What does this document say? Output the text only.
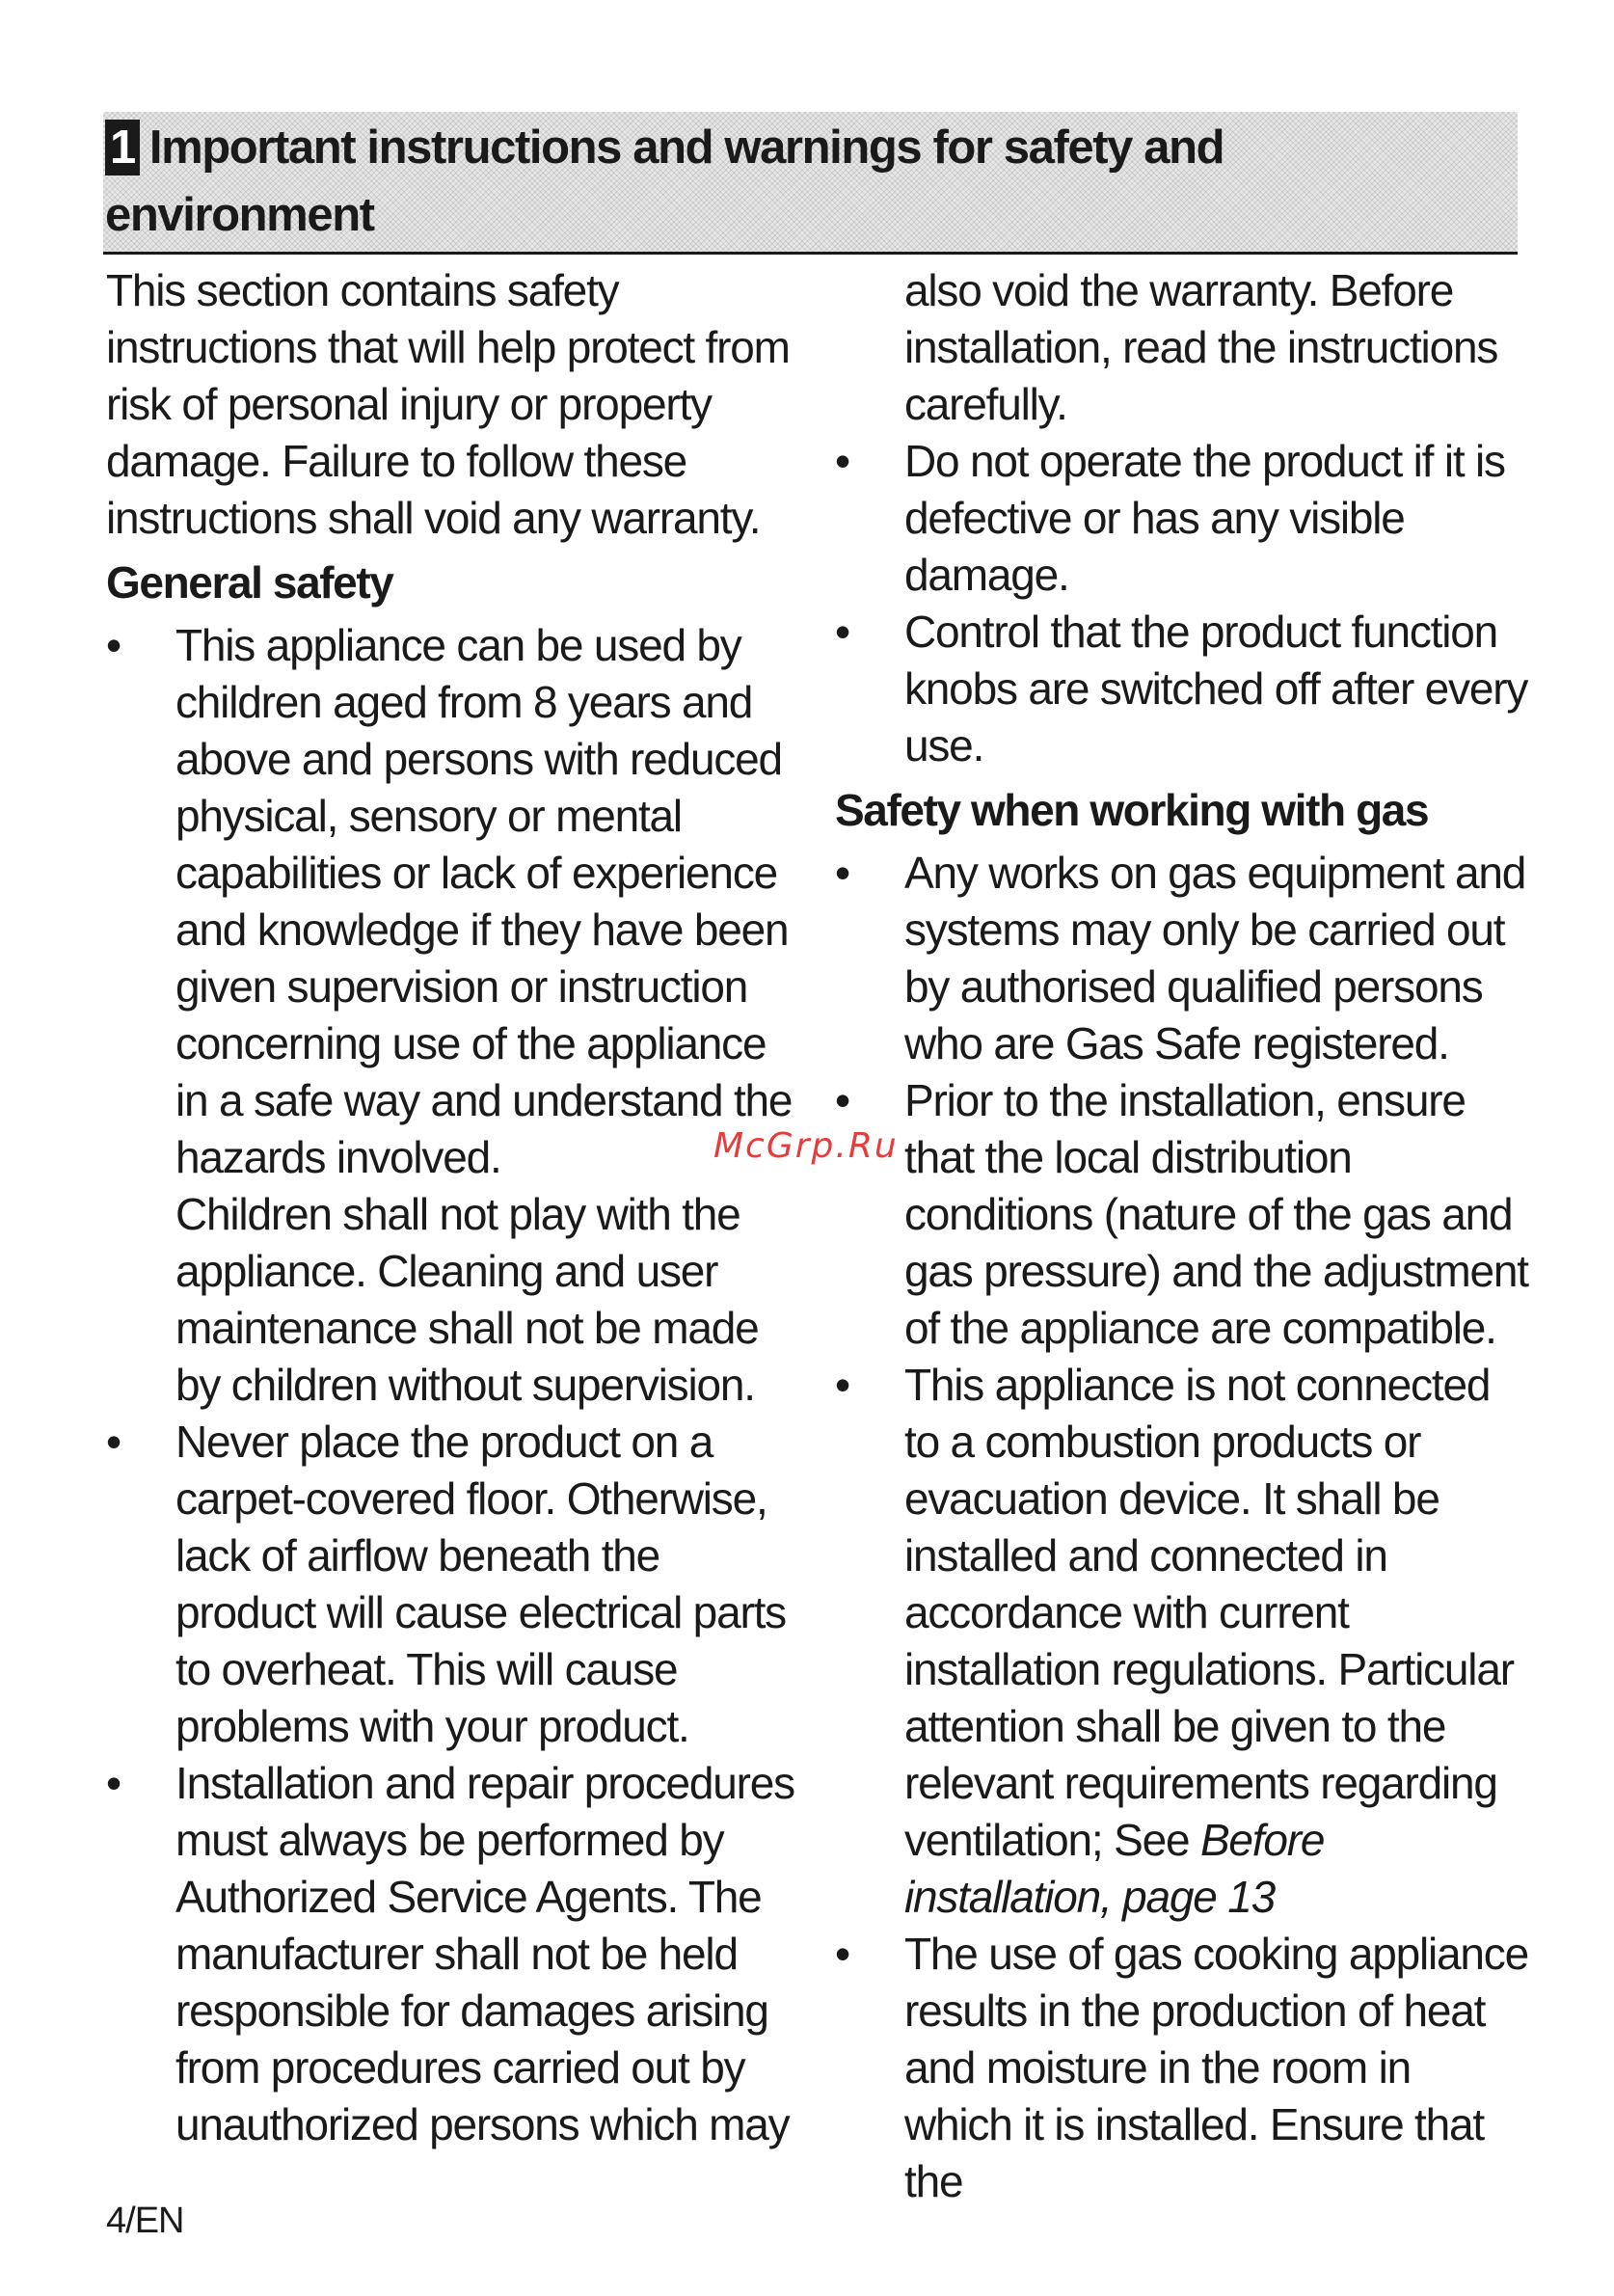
1 Important instructions and warnings for safety and environment

This section contains safety instructions that will help protect from risk of personal injury or property damage. Failure to follow these instructions shall void any warranty.

General safety
• This appliance can be used by children aged from 8 years and above and persons with reduced physical, sensory or mental capabilities or lack of experience and knowledge if they have been given supervision or instruction concerning use of the appliance in a safe way and understand the hazards involved.
Children shall not play with the appliance. Cleaning and user maintenance shall not be made by children without supervision.
• Never place the product on a carpet-covered floor. Otherwise, lack of airflow beneath the product will cause electrical parts to overheat. This will cause problems with your product.
• Installation and repair procedures must always be performed by Authorized Service Agents. The manufacturer shall not be held responsible for damages arising from procedures carried out by unauthorized persons which may

also void the warranty. Before installation, read the instructions carefully.

• Do not operate the product if it is defective or has any visible damage.
• Control that the product function knobs are switched off after every use.
Safety when working with gas
• Any works on gas equipment and systems may only be carried out by authorised qualified persons who are Gas Safe registered.
• Prior to the installation, ensure that the local distribution conditions (nature of the gas and gas pressure) and the adjustment of the appliance are compatible.
• This appliance is not connected to a combustion products or evacuation device. It shall be installed and connected in accordance with current installation regulations. Particular attention shall be given to the relevant requirements regarding ventilation; See Before installation, page 13
• The use of gas cooking appliance results in the production of heat and moisture in the room in which it is installed. Ensure that the
McGrp.Ru
4/EN
